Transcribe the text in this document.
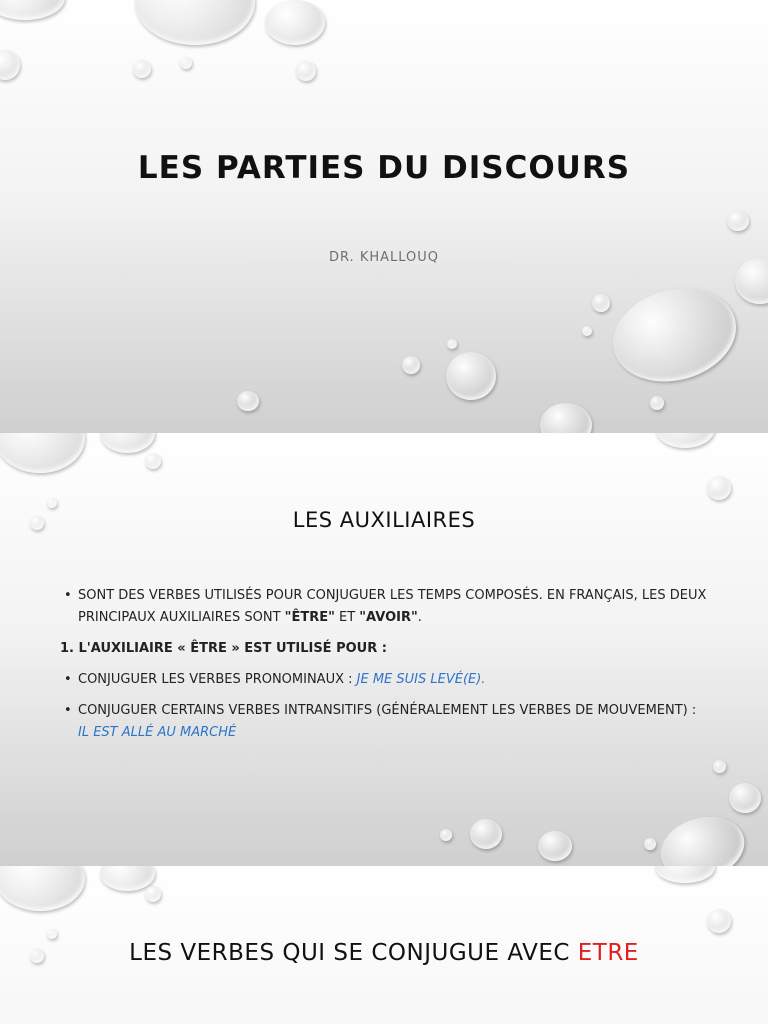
LES PARTIES DU DISCOURS
DR. KHALLOUQ
LES AUXILIAIRES
• SONT DES VERBES UTILISÉS POUR CONJUGUER LES TEMPS COMPOSÉS. EN FRANÇAIS, LES DEUX PRINCIPAUX AUXILIAIRES SONT "ÊTRE" ET "AVOIR".
1. L'AUXILIAIRE « ÊTRE » EST UTILISÉ POUR :
• CONJUGUER LES VERBES PRONOMINAUX : JE ME SUIS LEVÉ(E).
• CONJUGUER CERTAINS VERBES INTRANSITIFS (GÉNÉRALEMENT LES VERBES DE MOUVEMENT) :
IL EST ALLÉ AU MARCHÉ
LES VERBES QUI SE CONJUGUE AVEC ETRE
